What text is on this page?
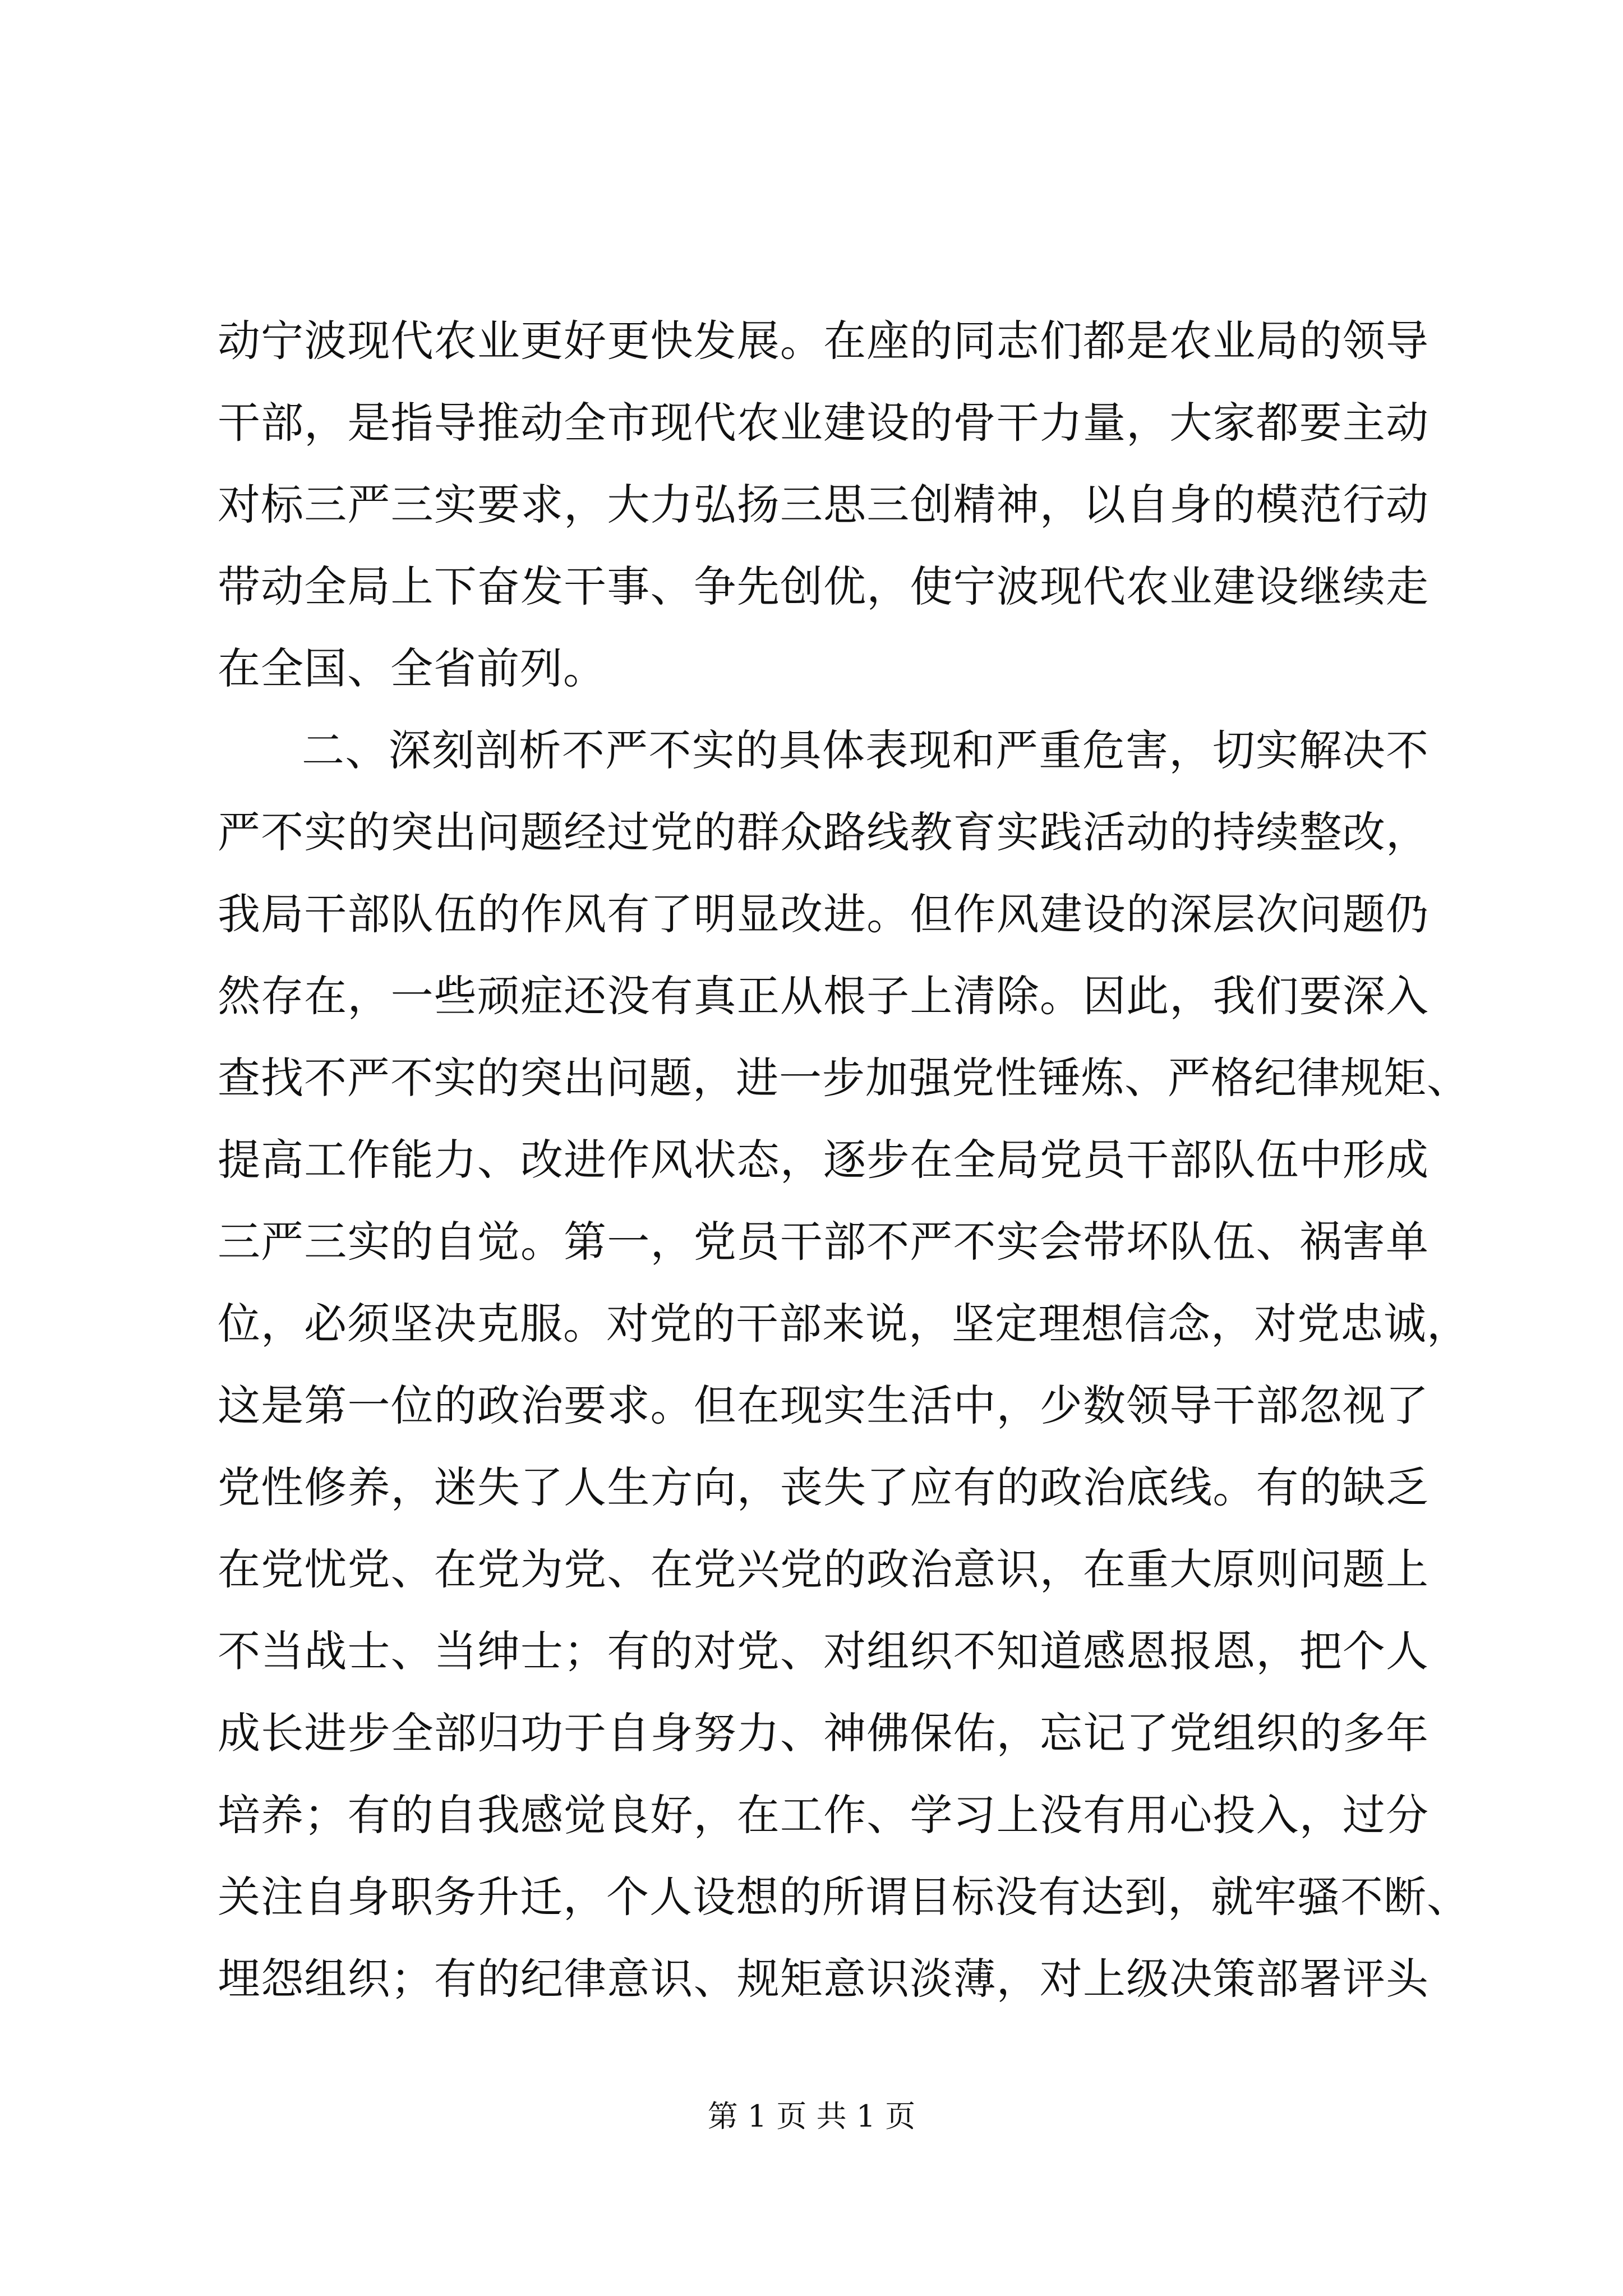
动宁波现代农业更好更快发展。在座的同志们都是农业局的领导
干部，是指导推动全市现代农业建设的骨干力量，大家都要主动
对标三严三实要求，大力弘扬三思三创精神，以自身的模范行动
带动全局上下奋发干事、争先创优，使宁波现代农业建设继续走
在全国、全省前列。
二、深刻剖析不严不实的具体表现和严重危害，切实解决不
严不实的突出问题经过党的群众路线教育实践活动的持续整改，
我局干部队伍的作风有了明显改进。但作风建设的深层次问题仍
然存在，一些顽症还没有真正从根子上清除。因此，我们要深入
查找不严不实的突出问题，进一步加强党性锤炼、严格纪律规矩、
提高工作能力、改进作风状态，逐步在全局党员干部队伍中形成
三严三实的自觉。第一，党员干部不严不实会带坏队伍、祸害单
位，必须坚决克服。对党的干部来说，坚定理想信念，对党忠诚，
这是第一位的政治要求。但在现实生活中，少数领导干部忽视了
党性修养，迷失了人生方向，丧失了应有的政治底线。有的缺乏
在党忧党、在党为党、在党兴党的政治意识，在重大原则问题上
不当战士、当绅士；有的对党、对组织不知道感恩报恩，把个人
成长进步全部归功于自身努力、神佛保佑，忘记了党组织的多年
培养；有的自我感觉良好，在工作、学习上没有用心投入，过分
关注自身职务升迁，个人设想的所谓目标没有达到，就牢骚不断、
埋怨组织；有的纪律意识、规矩意识淡薄，对上级决策部署评头
第 1 页 共 1 页
